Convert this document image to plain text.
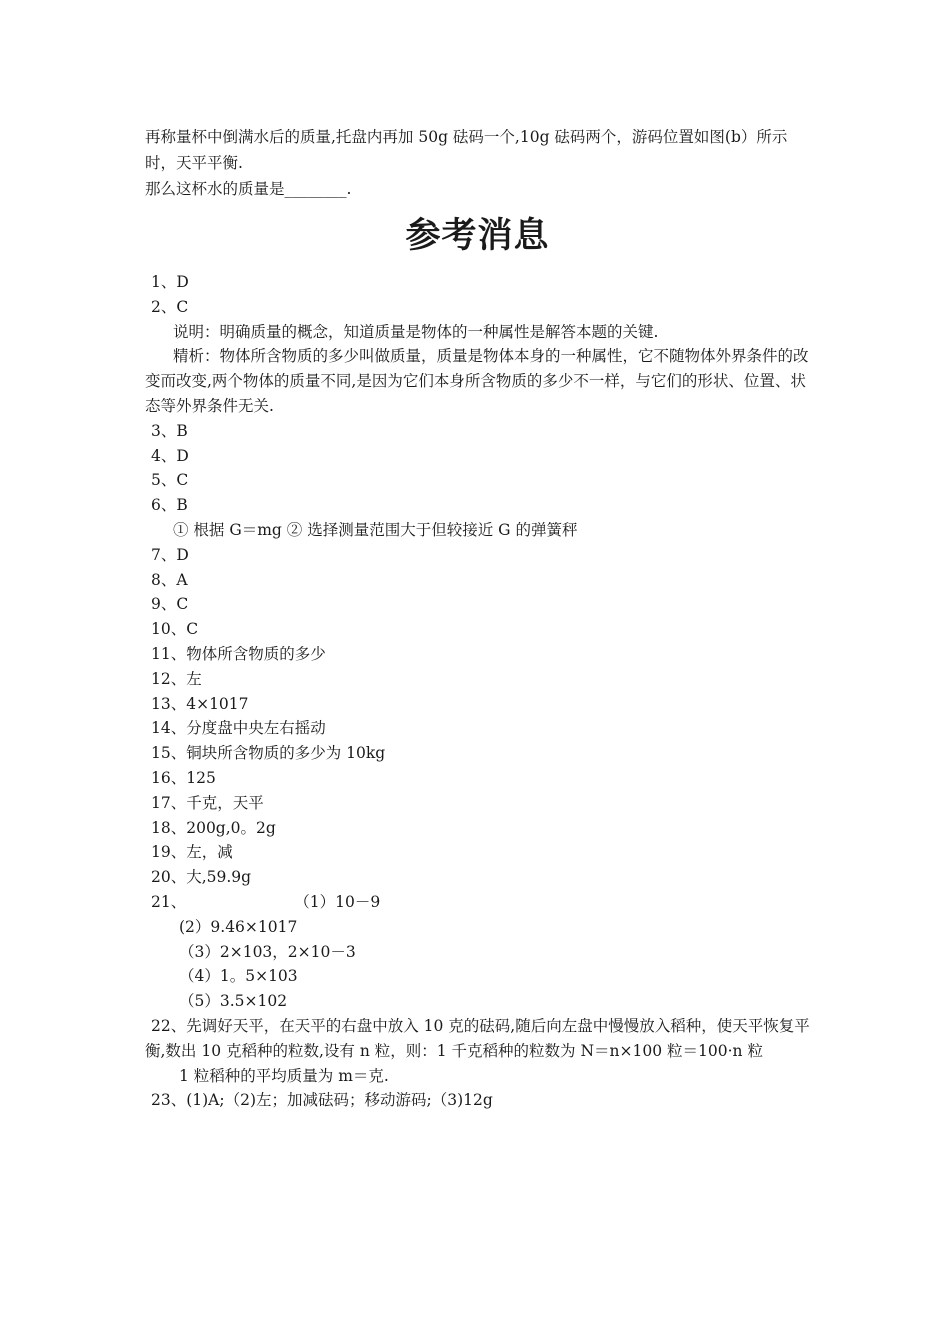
再称量杯中倒满水后的质量,托盘内再加 50g 砝码一个,10g 砝码两个，游码位置如图(b）所示时，天平平衡.

那么这杯水的质量是________.

参考消息
1、D
2、C
说明：明确质量的概念，知道质量是物体的一种属性是解答本题的关键.
精析：物体所含物质的多少叫做质量，质量是物体本身的一种属性，它不随物体外界条件的改变而改变,两个物体的质量不同,是因为它们本身所含物质的多少不一样，与它们的形状、位置、状态等外界条件无关.
3、B
4、D
5、C
6、B
① 根据 G＝mg ② 选择测量范围大于但较接近 G 的弹簧秤
7、D
8、A
9、C
10、C
11、物体所含物质的多少
12、左
13、4×1017
14、分度盘中央左右摇动
15、铜块所含物质的多少为 10kg
16、125
17、千克，天平
18、200g,0。2g
19、左，减
20、大,59.9g
21、	（1）10－9
(2）9.46×1017
（3）2×103，2×10－3
（4）1。5×103
（5）3.5×102
22、先调好天平，在天平的右盘中放入 10 克的砝码,随后向左盘中慢慢放入稻种，使天平恢复平衡,数出 10 克稻种的粒数,设有 n 粒，则：1 千克稻种的粒数为 N＝n×100 粒＝100·n 粒
1 粒稻种的平均质量为 m＝克.
23、(1)A;（2)左；加减砝码；移动游码;（3)12g
